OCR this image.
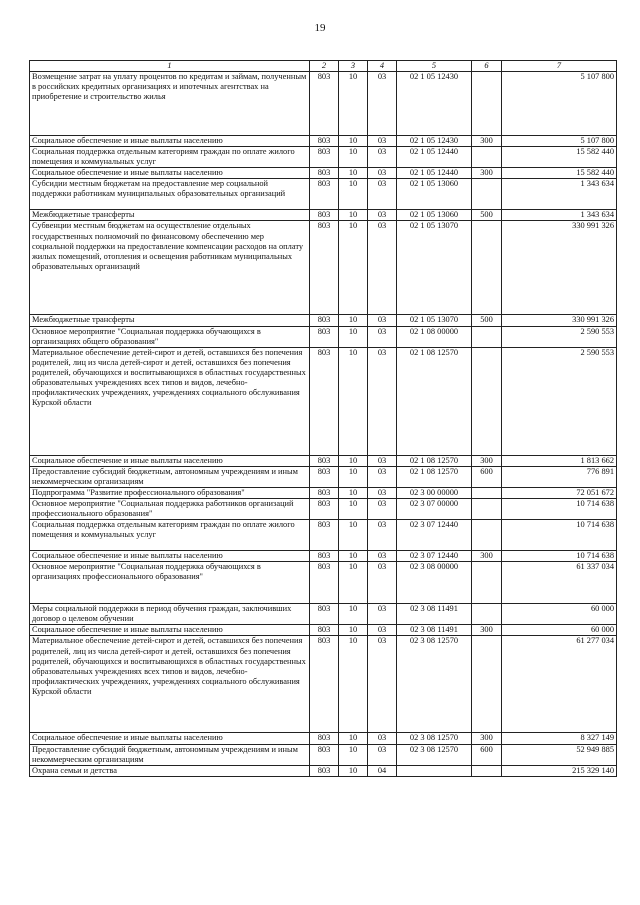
19
1	2	3	4	5	6	7
Возмещение затрат на уплату процентов по кредитам и займам, полученным в российских кредитных организациях и ипотечных агентствах на приобретение и строительство жилья	803	10	03	02 1 05 12430		5 107 800
Социальное обеспечение и иные выплаты населению	803	10	03	02 1 05 12430	300	5 107 800
Социальная поддержка отдельным категориям граждан по оплате жилого помещения и коммунальных услуг	803	10	03	02 1 05 12440		15 582 440
Социальное обеспечение и иные выплаты населению	803	10	03	02 1 05 12440	300	15 582 440
Субсидии местным бюджетам на предоставление мер социальной поддержки работникам муниципальных образовательных организаций	803	10	03	02 1 05 13060		1 343 634
Межбюджетные трансферты	803	10	03	02 1 05 13060	500	1 343 634
Субвенции местным бюджетам на осуществление отдельных государственных полномочий по финансовому обеспечению мер социальной поддержки на предоставление компенсации расходов на оплату жилых помещений, отопления и освещения работникам муниципальных образовательных организаций	803	10	03	02 1 05 13070		330 991 326
Межбюджетные трансферты	803	10	03	02 1 05 13070	500	330 991 326
Основное мероприятие "Социальная поддержка обучающихся в организациях общего образования"	803	10	03	02 1 08 00000		2 590 553
Материальное обеспечение детей-сирот и детей, оставшихся без попечения родителей, лиц из числа детей-сирот и детей, оставшихся без попечения родителей, обучающихся и воспитывающихся в областных государственных образовательных учреждениях всех типов и видов, лечебно-профилактических учреждениях, учреждениях социального обслуживания Курской области	803	10	03	02 1 08 12570		2 590 553
Социальное обеспечение и иные выплаты населению	803	10	03	02 1 08 12570	300	1 813 662
Предоставление субсидий бюджетным, автономным учреждениям и иным некоммерческим организациям	803	10	03	02 1 08 12570	600	776 891
Подпрограмма "Развитие профессионального образования"	803	10	03	02 3 00 00000		72 051 672
Основное мероприятие "Социальная поддержка работников организаций профессионального образования"	803	10	03	02 3 07 00000		10 714 638
Социальная поддержка отдельным категориям граждан по оплате жилого помещения и коммунальных услуг	803	10	03	02 3 07 12440		10 714 638
Социальное обеспечение и иные выплаты населению	803	10	03	02 3 07 12440	300	10 714 638
Основное мероприятие "Социальная поддержка обучающихся в организациях профессионального образования"	803	10	03	02 3 08 00000		61 337 034
Меры социальной поддержки в период обучения граждан, заключивших договор о целевом обучении	803	10	03	02 3 08 11491		60 000
Социальное обеспечение и иные выплаты населению	803	10	03	02 3 08 11491	300	60 000
Материальное обеспечение детей-сирот и детей, оставшихся без попечения родителей, лиц из числа детей-сирот и детей, оставшихся без попечения родителей, обучающихся и воспитывающихся в областных государственных образовательных учреждениях всех типов и видов, лечебно-профилактических учреждениях, учреждениях социального обслуживания Курской области	803	10	03	02 3 08 12570		61 277 034
Социальное обеспечение и иные выплаты населению	803	10	03	02 3 08 12570	300	8 327 149
Предоставление субсидий бюджетным, автономным учреждениям и иным некоммерческим организациям	803	10	03	02 3 08 12570	600	52 949 885
Охрана семьи и детства	803	10	04			215 329 140
